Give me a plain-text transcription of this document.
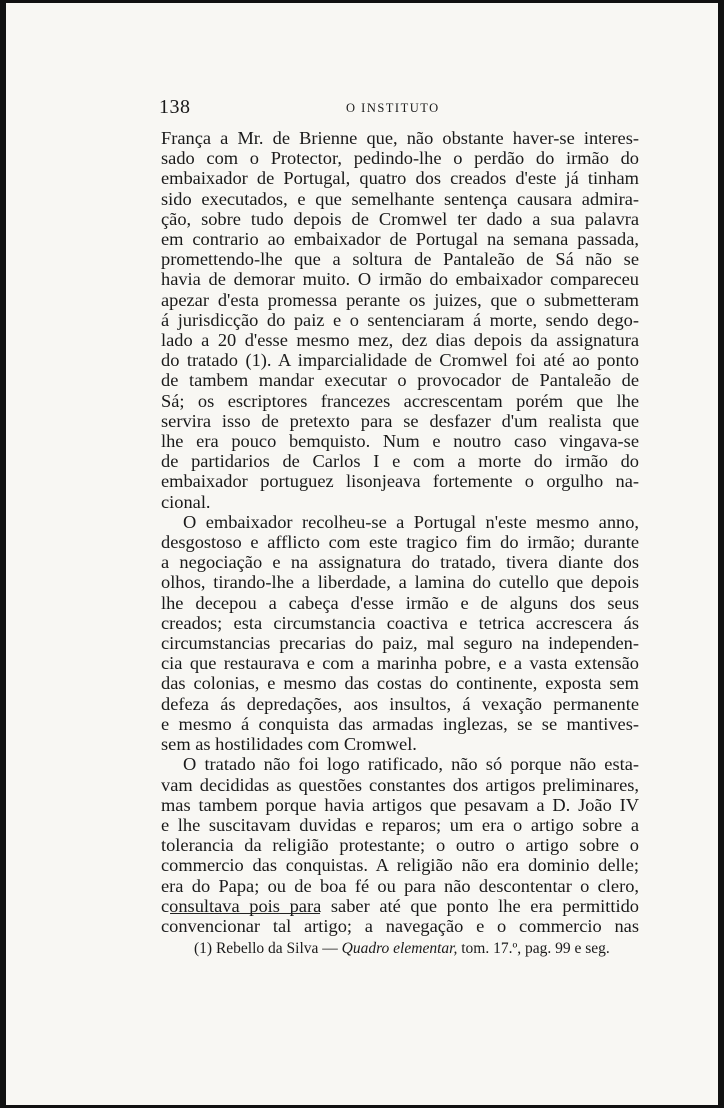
138	O INSTITUTO
França a Mr. de Brienne que, não obstante haver-se interes-
sado com o Protector, pedindo-lhe o perdão do irmão do
embaixador de Portugal, quatro dos creados d'este já tinham
sido executados, e que semelhante sentença causara admira-
ção, sobre tudo depois de Cromwel ter dado a sua palavra
em contrario ao embaixador de Portugal na semana passada,
promettendo-lhe que a soltura de Pantaleão de Sá não se
havia de demorar muito. O irmão do embaixador compareceu
apezar d'esta promessa perante os juizes, que o submetteram
á jurisdicção do paiz e o sentenciaram á morte, sendo dego-
lado a 20 d'esse mesmo mez, dez dias depois da assignatura
do tratado (1). A imparcialidade de Cromwel foi até ao ponto
de tambem mandar executar o provocador de Pantaleão de
Sá; os escriptores francezes accrescentam porém que lhe
servira isso de pretexto para se desfazer d'um realista que
lhe era pouco bemquisto. Num e noutro caso vingava-se
de partidarios de Carlos I e com a morte do irmão do
embaixador portuguez lisonjeava fortemente o orgulho na-
cional.
O embaixador recolheu-se a Portugal n'este mesmo anno,
desgostoso e afflicto com este tragico fim do irmão; durante
a negociação e na assignatura do tratado, tivera diante dos
olhos, tirando-lhe a liberdade, a lamina do cutello que depois
lhe decepou a cabeça d'esse irmão e de alguns dos seus
creados; esta circumstancia coactiva e tetrica accrescera ás
circumstancias precarias do paiz, mal seguro na independen-
cia que restaurava e com a marinha pobre, e a vasta extensão
das colonias, e mesmo das costas do continente, exposta sem
defeza ás depredações, aos insultos, á vexação permanente
e mesmo á conquista das armadas inglezas, se se mantives-
sem as hostilidades com Cromwel.
O tratado não foi logo ratificado, não só porque não esta-
vam decididas as questões constantes dos artigos preliminares,
mas tambem porque havia artigos que pesavam a D. João IV
e lhe suscitavam duvidas e reparos; um era o artigo sobre a
tolerancia da religião protestante; o outro o artigo sobre o
commercio das conquistas. A religião não era dominio delle;
era do Papa; ou de boa fé ou para não descontentar o clero,
consultava pois para saber até que ponto lhe era permittido
convencionar tal artigo; a navegação e o commercio nas
(1) Rebello da Silva — Quadro elementar, tom. 17.º, pag. 99 e seg.
